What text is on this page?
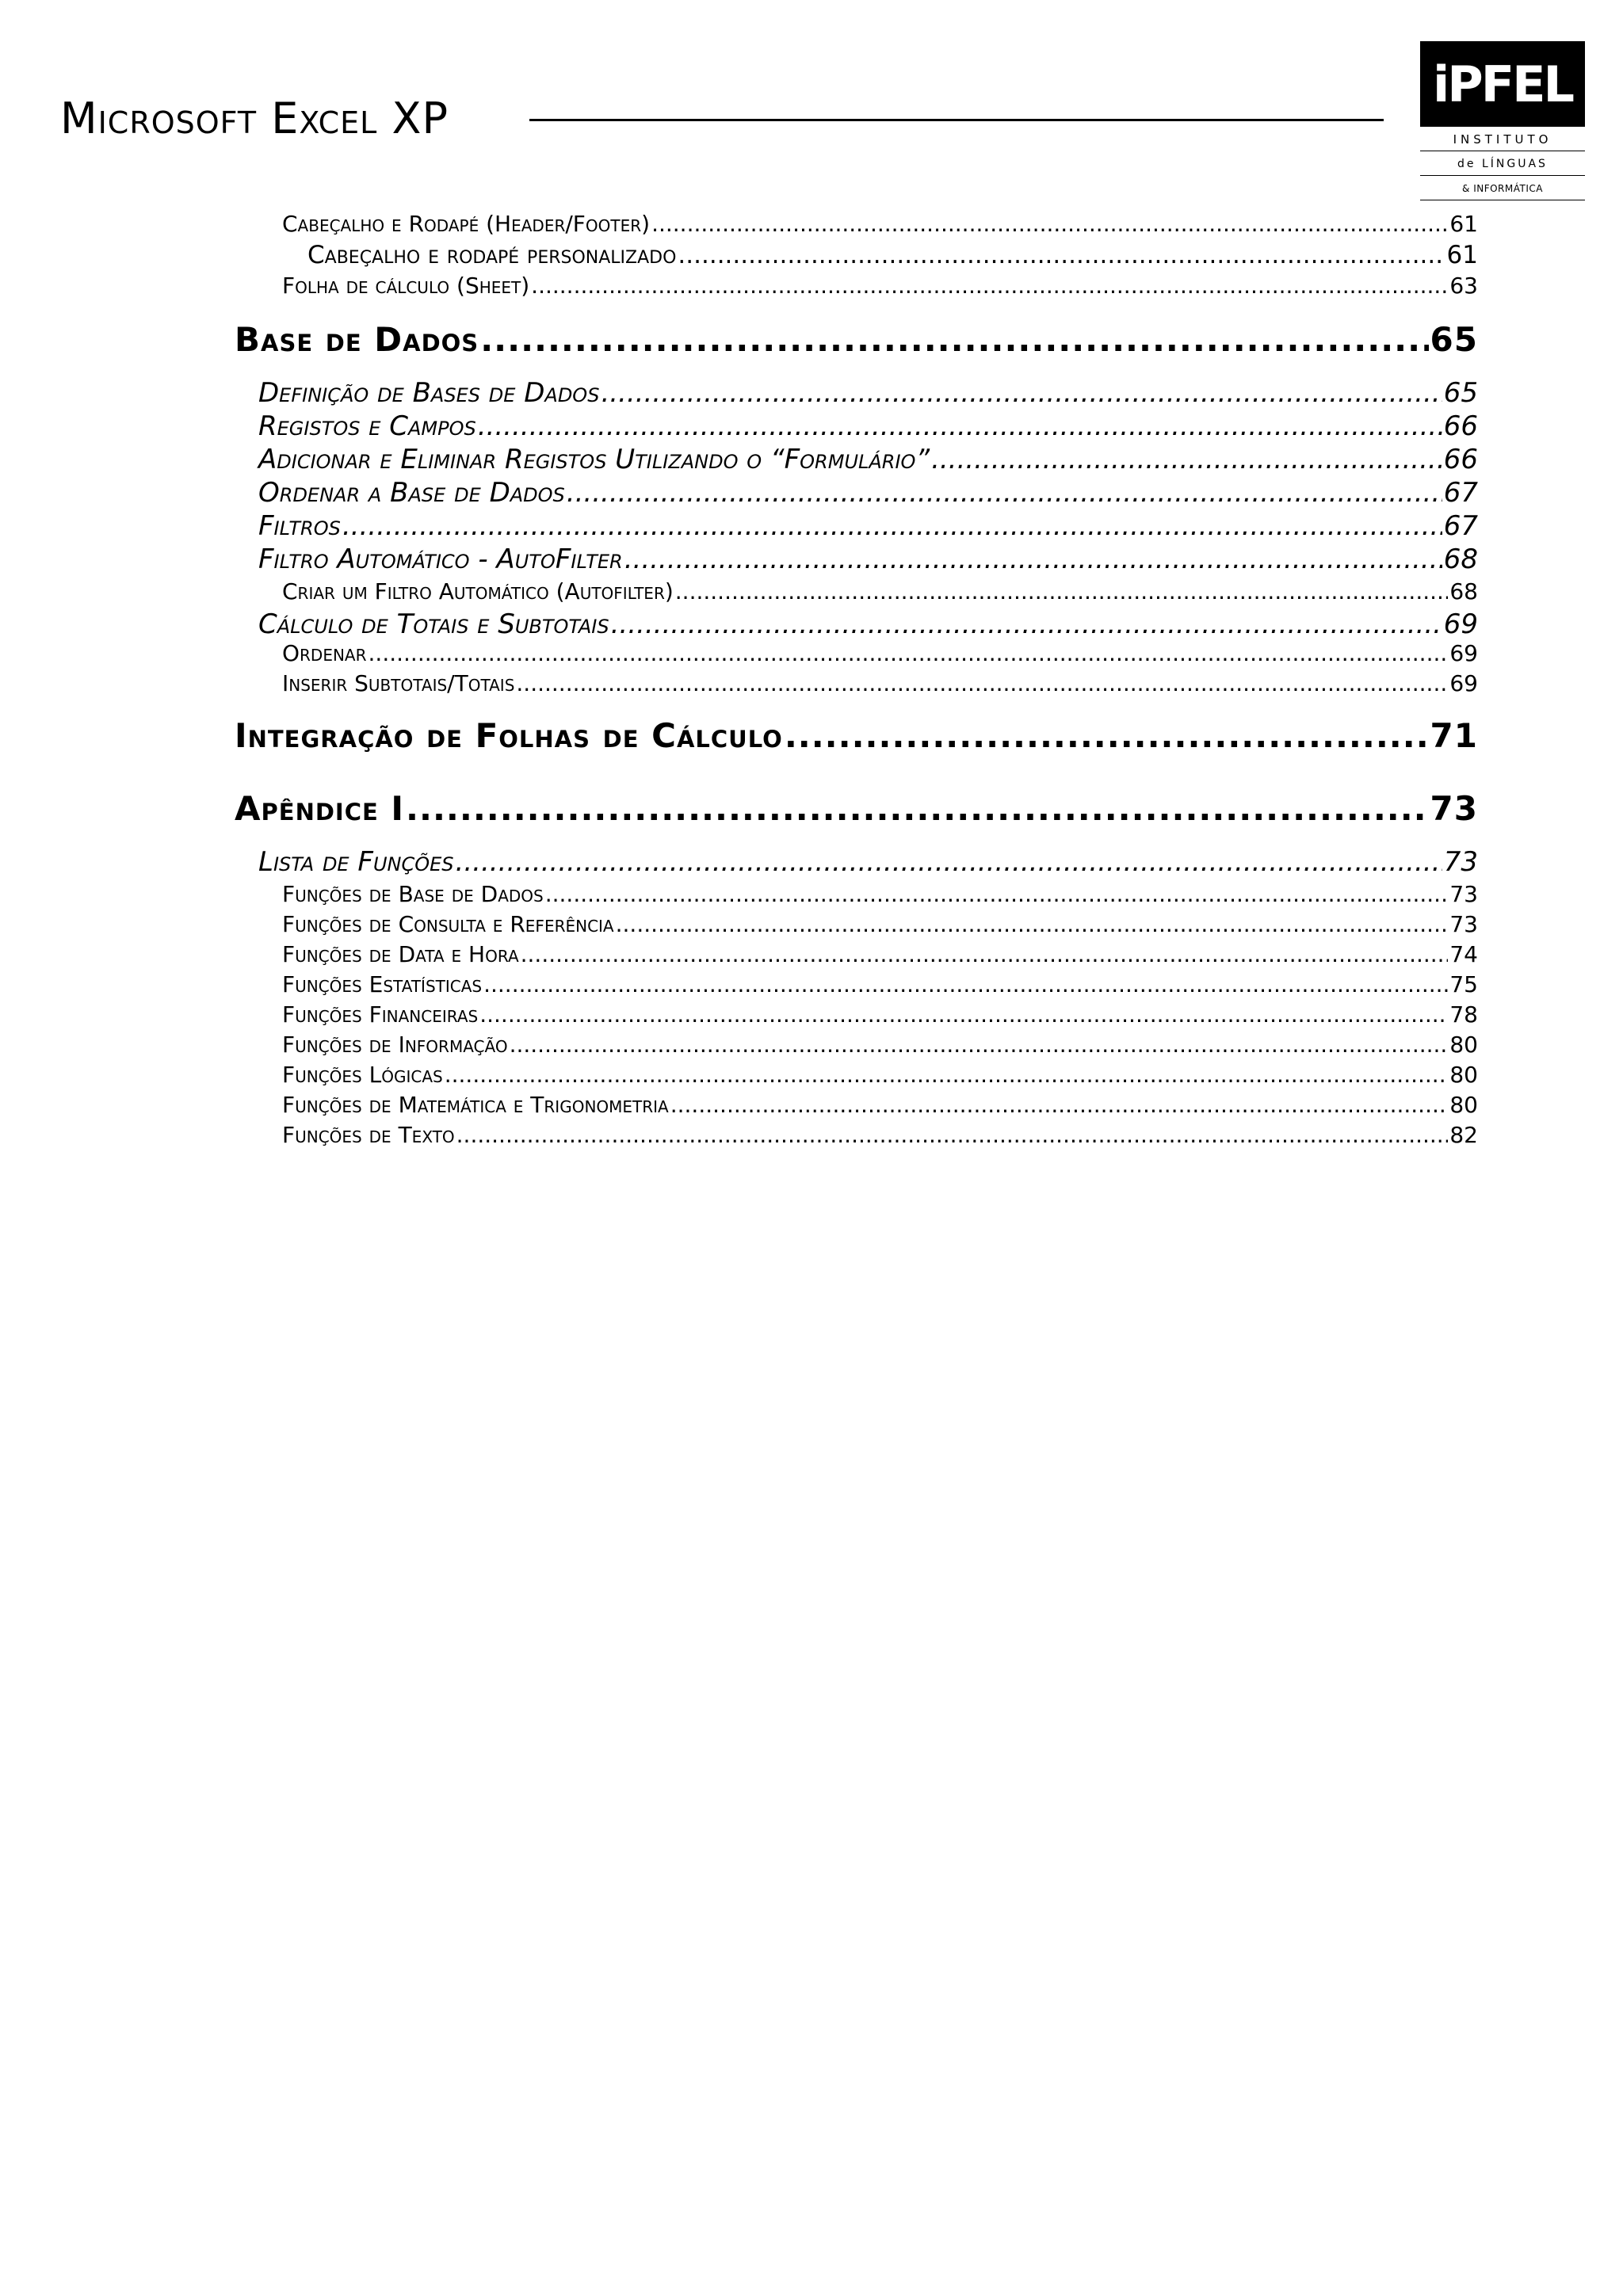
Microsoft Excel XP
iPFEL
INSTITUTO
de LÍNGUAS
& INFORMÁTICA
Cabeçalho e Rodapé (Header/Footer) .....	61
Cabeçalho e rodapé personalizado .....	61
Folha de cálculo (Sheet) .....	63
Base de Dados .....	65
Definição de Bases de Dados .....	65
Registos e Campos .....	66
Adicionar e Eliminar Registos Utilizando o “Formulário” .....	66
Ordenar a Base de Dados .....	67
Filtros .....	67
Filtro Automático - AutoFilter .....	68
Criar um Filtro Automático (Autofilter) .....	68
Cálculo de Totais e Subtotais .....	69
Ordenar .....	69
Inserir Subtotais/Totais .....	69
Integração de Folhas de Cálculo .....	71
Apêndice I .....	73
Lista de Funções .....	73
Funções de Base de Dados .....	73
Funções de Consulta e Referência .....	73
Funções de Data e Hora .....	74
Funções Estatísticas .....	75
Funções Financeiras .....	78
Funções de Informação .....	80
Funções Lógicas .....	80
Funções de Matemática e Trigonometria .....	80
Funções de Texto .....	82
